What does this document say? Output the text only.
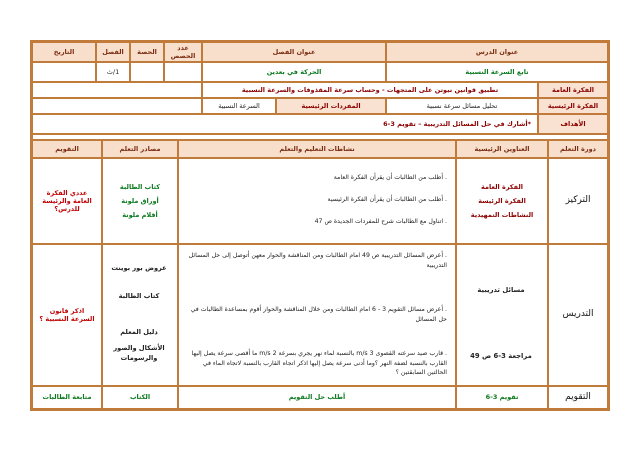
عنوان الدرس
عنوان الفصل
عدد الحصص
الحصة
الفصل
التاريخ
تابع السرعة النسبية
الحركة في بعدين
1/ث
الفكرة العامة
تطبيق قوانين نيوتن على المتجهات - وحساب سرعة المقذوفات والسرعة النسبية
الفكرة الرئيسية
تحليل مسائل سرعة نسبية
المفردات الرئيسية
السرعة النسبية
الأهداف
*أشارك في حل المسائل التدريبية – تقويم 3-6
دورة التعلم
العناوين الرئيسية
نشاطات التعليم والتعلم
مصادر التعلم
التقويم
التركيز
الفكرة العامة
الفكرة الرئيسة
النشاطات التمهيدية
. أطلب من الطالبات أن يقرأن الفكرة العامة
. أطلب من الطالبات أن يقرأن الفكرة الرئيسية
. اتناول مع الطالبات شرح للمفردات الجديدة ص 47
كتاب الطالبة
أوراق ملونة
أقلام ملونة
عددي الفكرة العامة والرئيسة للدرس؟
التدريس
مسائل تدريبية
مراجعة 3-6 ص 49
. أعرض المسائل التدريبية ص 49 امام الطالبات ومن المناقشة والحوار معهن أتوصل إلى حل المسائل التدريبية
. أعرض مسائل التقويم 3 - 6 امام الطالبات ومن خلال المناقشة والحوار أقوم بمساعدة الطالبات في حل المسائل
. قارب صيد سرعته القصوى 3 m/s بالنسبة لماء نهر يجري بسرعة 2 m/s ما أقصى سرعة يصل إليها القارب بالنسبة لضفة النهر ؟وما أدنى سرعة يصل إليها اذكر اتجاه القارب بالنسبة لاتجاه الماء في الحالتين السابقتين ؟
عروض بور بوينت
كتاب الطالبة
دليل المعلم
الأشكال والصور والرسومات
اذكر قانون السرعة النسبية ؟
التقويم
تقويم 3-6
أطلب حل التقويم
الكتاب
متابعة الطالبات
